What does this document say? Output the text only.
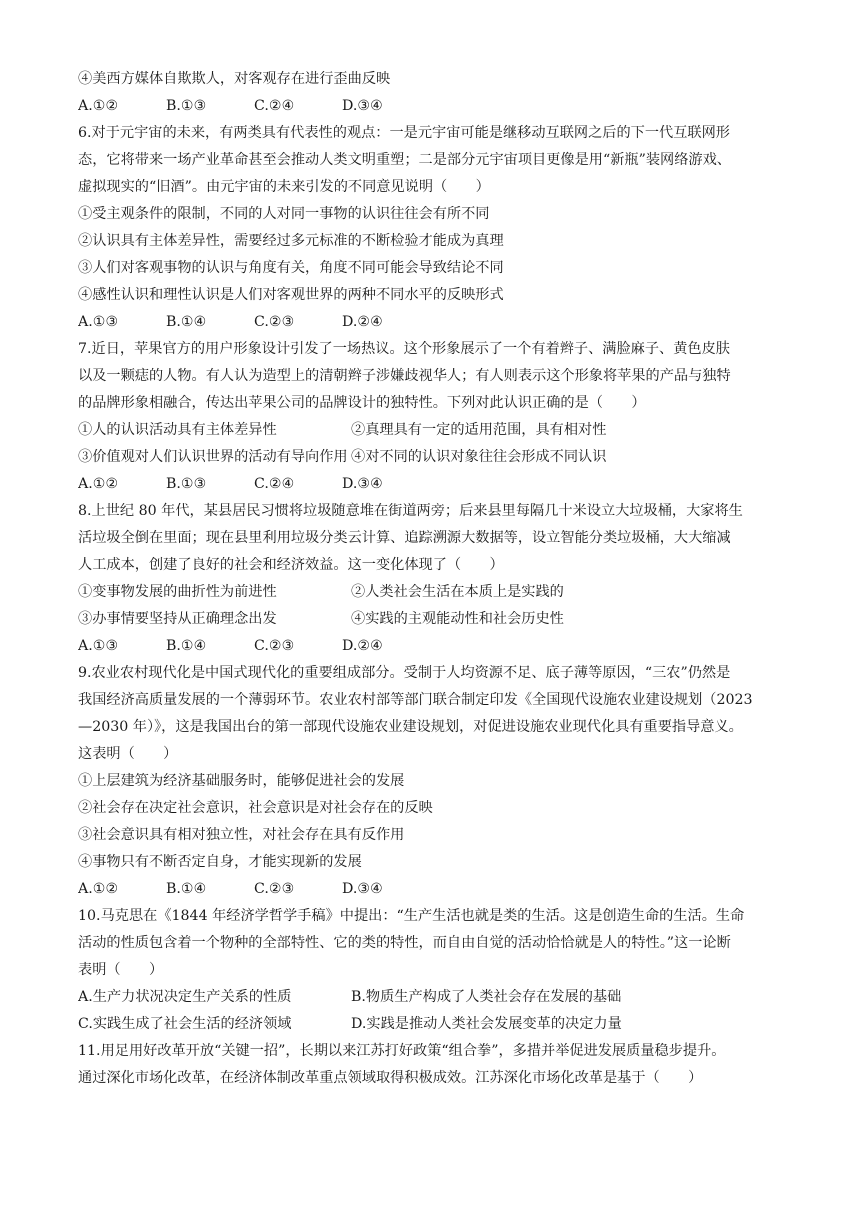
④美西方媒体自欺欺人，对客观存在进行歪曲反映
A.①②	B.①③	C.②④	D.③④
6.对于元宇宙的未来，有两类具有代表性的观点：一是元宇宙可能是继移动互联网之后的下一代互联网形
态，它将带来一场产业革命甚至会推动人类文明重塑；二是部分元宇宙项目更像是用“新瓶”装网络游戏、
虚拟现实的“旧酒”。由元宇宙的未来引发的不同意见说明（　　）
①受主观条件的限制，不同的人对同一事物的认识往往会有所不同
②认识具有主体差异性，需要经过多元标准的不断检验才能成为真理
③人们对客观事物的认识与角度有关，角度不同可能会导致结论不同
④感性认识和理性认识是人们对客观世界的两种不同水平的反映形式
A.①③	B.①④	C.②③	D.②④
7.近日，苹果官方的用户形象设计引发了一场热议。这个形象展示了一个有着辫子、满脸麻子、黄色皮肤
以及一颗痣的人物。有人认为造型上的清朝辫子涉嫌歧视华人；有人则表示这个形象将苹果的产品与独特
的品牌形象相融合，传达出苹果公司的品牌设计的独特性。下列对此认识正确的是（　　）
①人的认识活动具有主体差异性	②真理具有一定的适用范围，具有相对性
③价值观对人们认识世界的活动有导向作用 ④对不同的认识对象往往会形成不同认识
A.①②	B.①③	C.②④	D.③④
8.上世纪 80 年代，某县居民习惯将垃圾随意堆在街道两旁；后来县里每隔几十米设立大垃圾桶，大家将生
活垃圾全倒在里面；现在县里利用垃圾分类云计算、追踪溯源大数据等，设立智能分类垃圾桶，大大缩减
人工成本，创建了良好的社会和经济效益。这一变化体现了（　　）
①变事物发展的曲折性为前进性	②人类社会生活在本质上是实践的
③办事情要坚持从正确理念出发	④实践的主观能动性和社会历史性
A.①③	B.①④	C.②③	D.②④
9.农业农村现代化是中国式现代化的重要组成部分。受制于人均资源不足、底子薄等原因，“三农”仍然是
我国经济高质量发展的一个薄弱环节。农业农村部等部门联合制定印发《全国现代设施农业建设规划（2023
—2030 年）》，这是我国出台的第一部现代设施农业建设规划，对促进设施农业现代化具有重要指导意义。
这表明（　　）
①上层建筑为经济基础服务时，能够促进社会的发展
②社会存在决定社会意识，社会意识是对社会存在的反映
③社会意识具有相对独立性，对社会存在具有反作用
④事物只有不断否定自身，才能实现新的发展
A.①②	B.①④	C.②③	D.③④
10.马克思在《1844 年经济学哲学手稿》中提出：“生产生活也就是类的生活。这是创造生命的生活。生命
活动的性质包含着一个物种的全部特性、它的类的特性，而自由自觉的活动恰恰就是人的特性。”这一论断
表明（　　）
A.生产力状况决定生产关系的性质	B.物质生产构成了人类社会存在发展的基础
C.实践生成了社会生活的经济领域	D.实践是推动人类社会发展变革的决定力量
11.用足用好改革开放“关键一招”，长期以来江苏打好政策“组合拳”，多措并举促进发展质量稳步提升。
通过深化市场化改革，在经济体制改革重点领域取得积极成效。江苏深化市场化改革是基于（　　）
